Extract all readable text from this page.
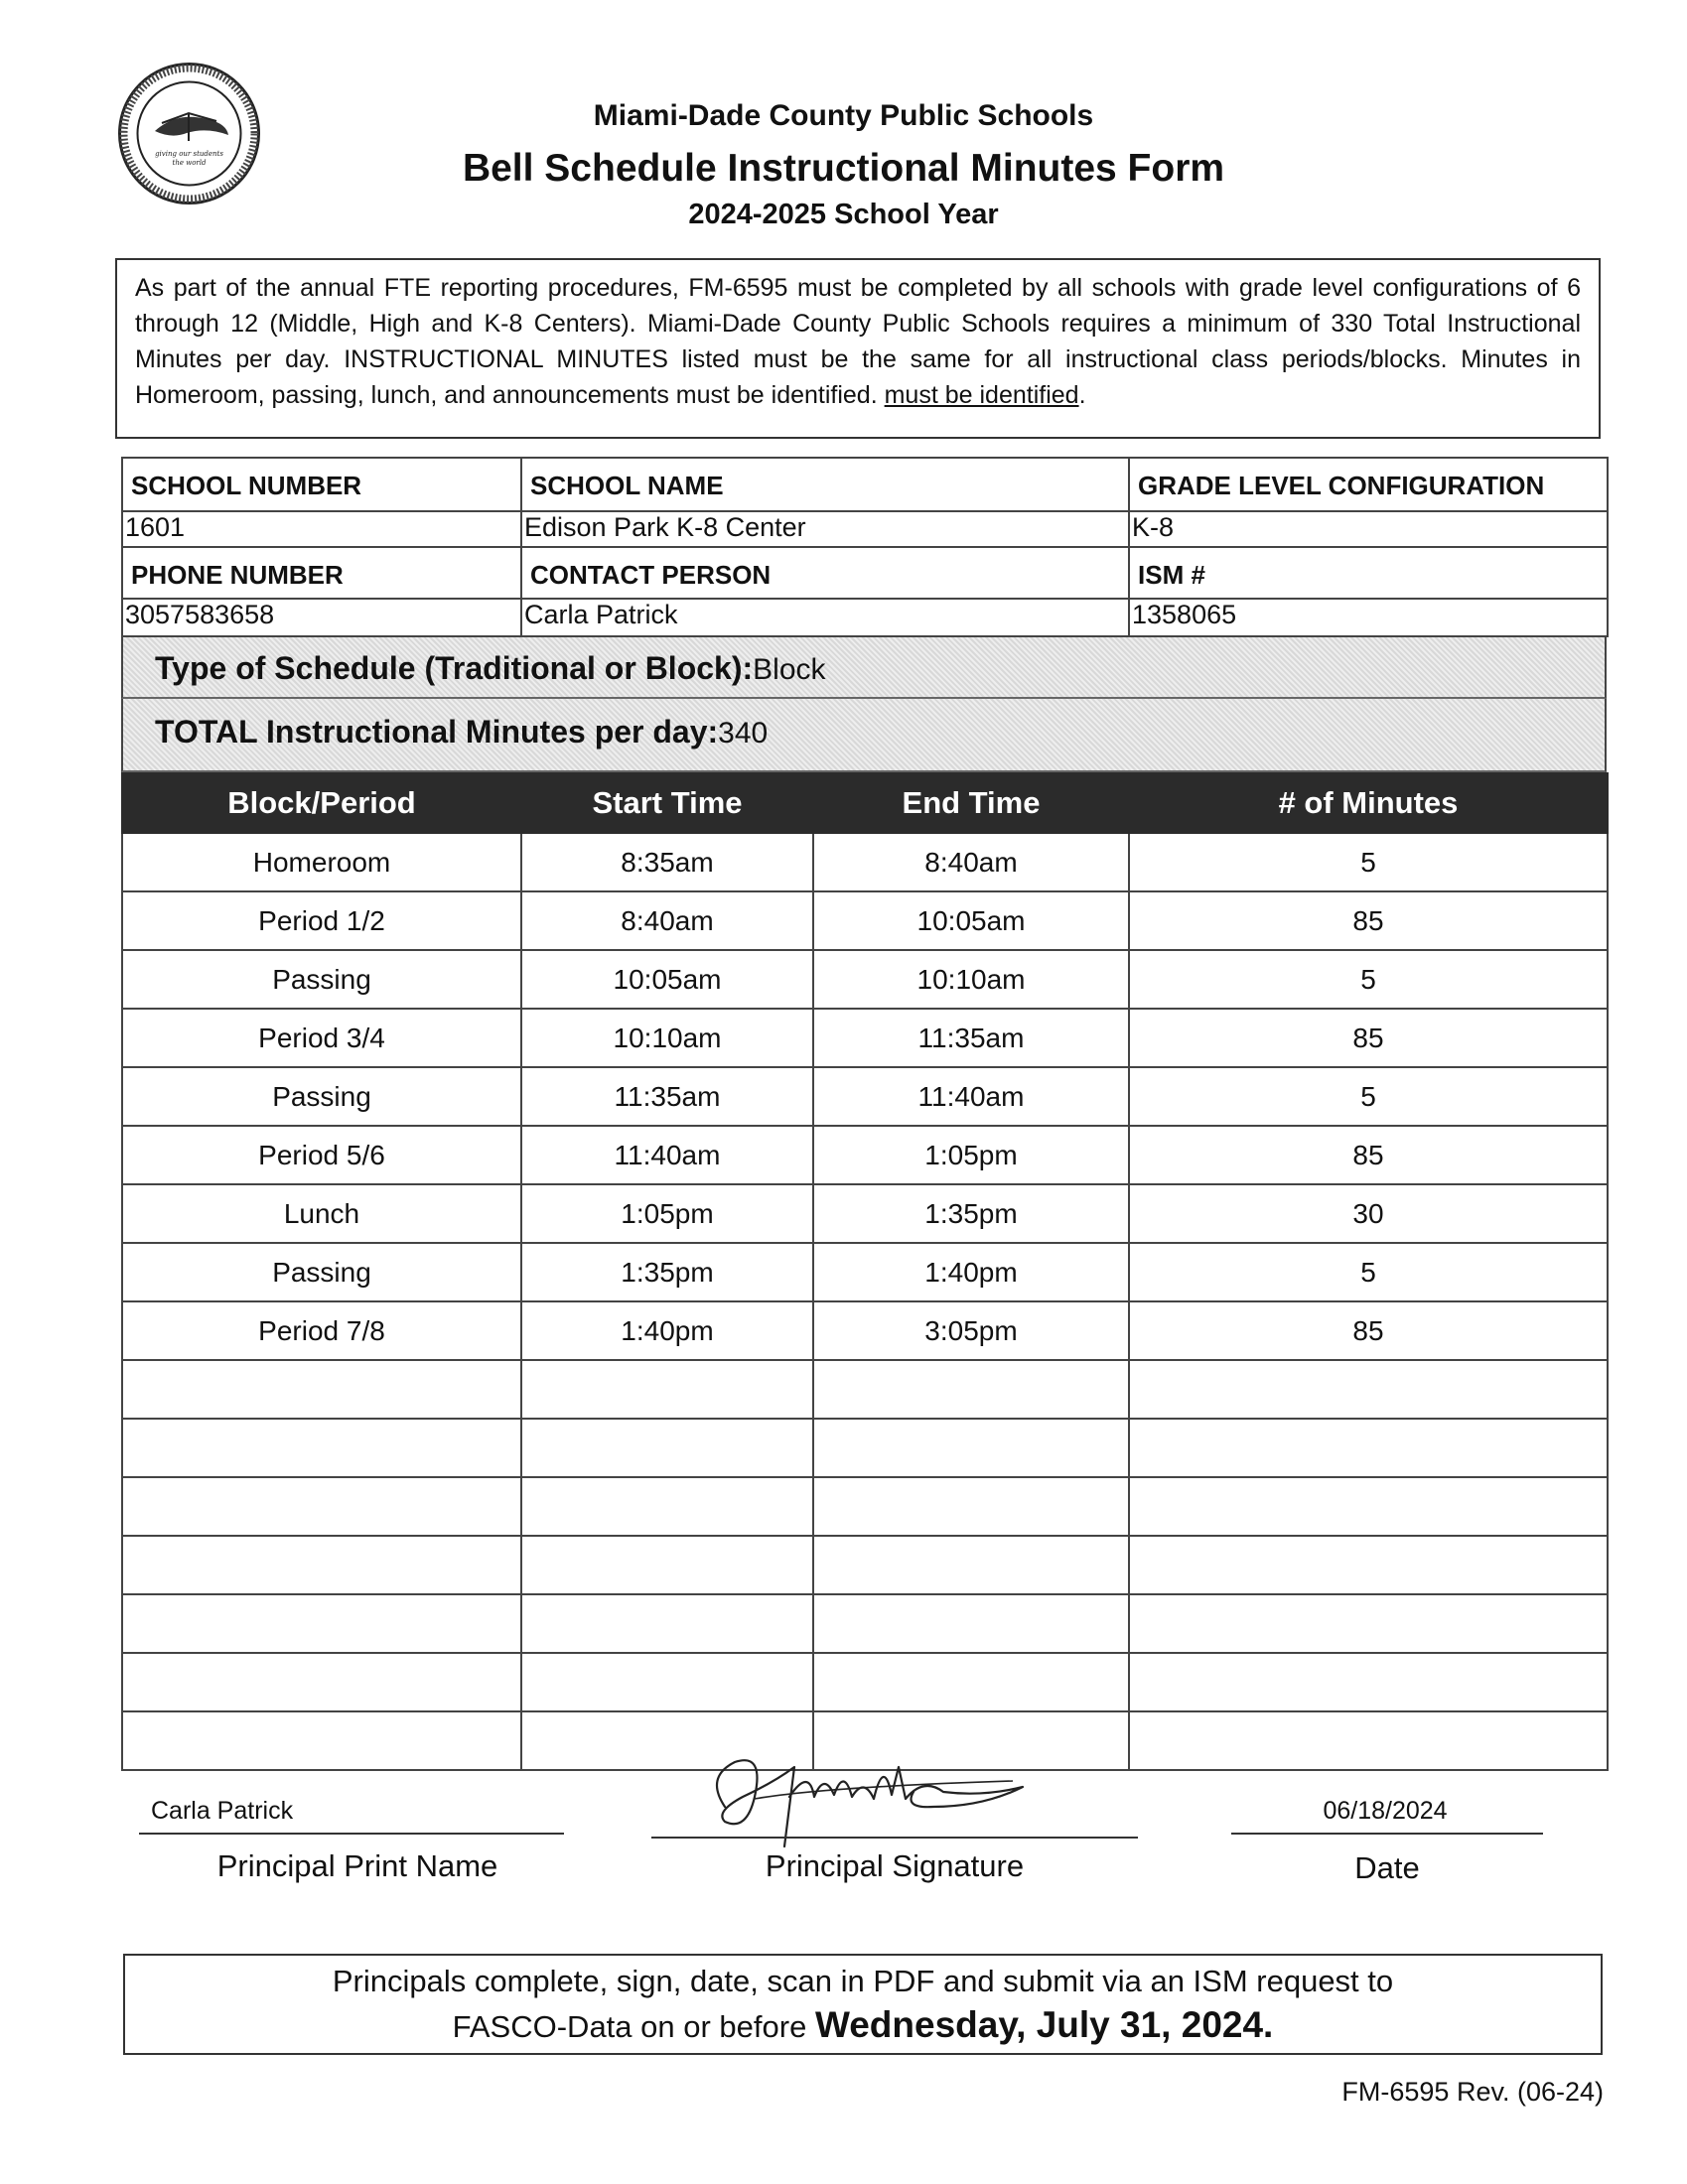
giving our students
the world
Miami-Dade County Public Schools
Bell Schedule Instructional Minutes Form
2024-2025 School Year
As part of the annual FTE reporting procedures, FM-6595 must be completed by all schools with grade level configurations of 6 through 12 (Middle, High and K-8 Centers). Miami-Dade County Public Schools requires a minimum of 330 Total Instructional Minutes per day. INSTRUCTIONAL MINUTES listed must be the same for all instructional class periods/blocks. Minutes in Homeroom, passing, lunch, and announcements must be identified. must be identified.
SCHOOL NUMBER	SCHOOL NAME	GRADE LEVEL CONFIGURATION
1601	Edison Park K-8 Center	K-8
PHONE NUMBER	CONTACT PERSON	ISM #
3057583658	Carla Patrick	1358065
Type of Schedule (Traditional or Block):Block
TOTAL Instructional Minutes per day:340
Block/Period	Start Time	End Time	# of Minutes
Homeroom	8:35am	8:40am	5
Period 1/2	8:40am	10:05am	85
Passing	10:05am	10:10am	5
Period 3/4	10:10am	11:35am	85
Passing	11:35am	11:40am	5
Period 5/6	11:40am	1:05pm	85
Lunch	1:05pm	1:35pm	30
Passing	1:35pm	1:40pm	5
Period 7/8	1:40pm	3:05pm	85

Carla Patrick
Principal Print Name	Principal Signature
06/18/2024
Date
Principals complete, sign, date, scan in PDF and submit via an ISM request to
FASCO-Data on or before Wednesday, July 31, 2024.
FM-6595 Rev. (06-24)
